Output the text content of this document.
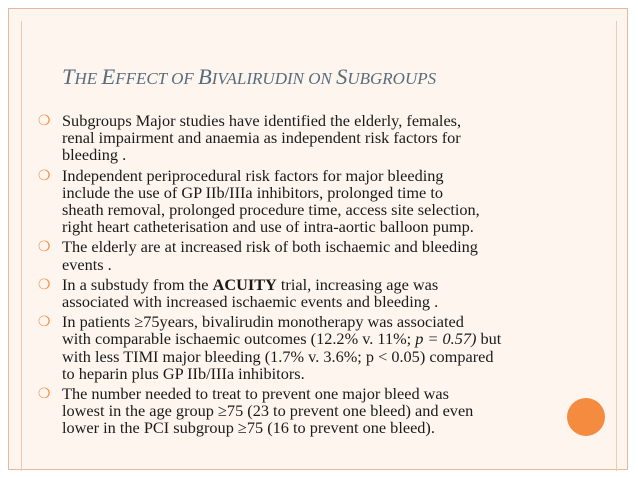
THE EFFECT OF BIVALIRUDIN ON SUBGROUPS
❍ Subgroups Major studies have identified the elderly, females,
renal impairment and anaemia as independent risk factors for
bleeding .
❍ Independent periprocedural risk factors for major bleeding
include the use of GP IIb/IIIa inhibitors, prolonged time to
sheath removal, prolonged procedure time, access site selection,
right heart catheterisation and use of intra-aortic balloon pump.
❍ The elderly are at increased risk of both ischaemic and bleeding
events .
❍ In a substudy from the ACUITY trial, increasing age was
associated with increased ischaemic events and bleeding .
❍ In patients ≥75years, bivalirudin monotherapy was associated
with comparable ischaemic outcomes (12.2% v. 11%; p = 0.57) but
with less TIMI major bleeding (1.7% v. 3.6%; p < 0.05) compared
to heparin plus GP IIb/IIIa inhibitors.
❍ The number needed to treat to prevent one major bleed was
lowest in the age group ≥75 (23 to prevent one bleed) and even
lower in the PCI subgroup ≥75 (16 to prevent one bleed).
